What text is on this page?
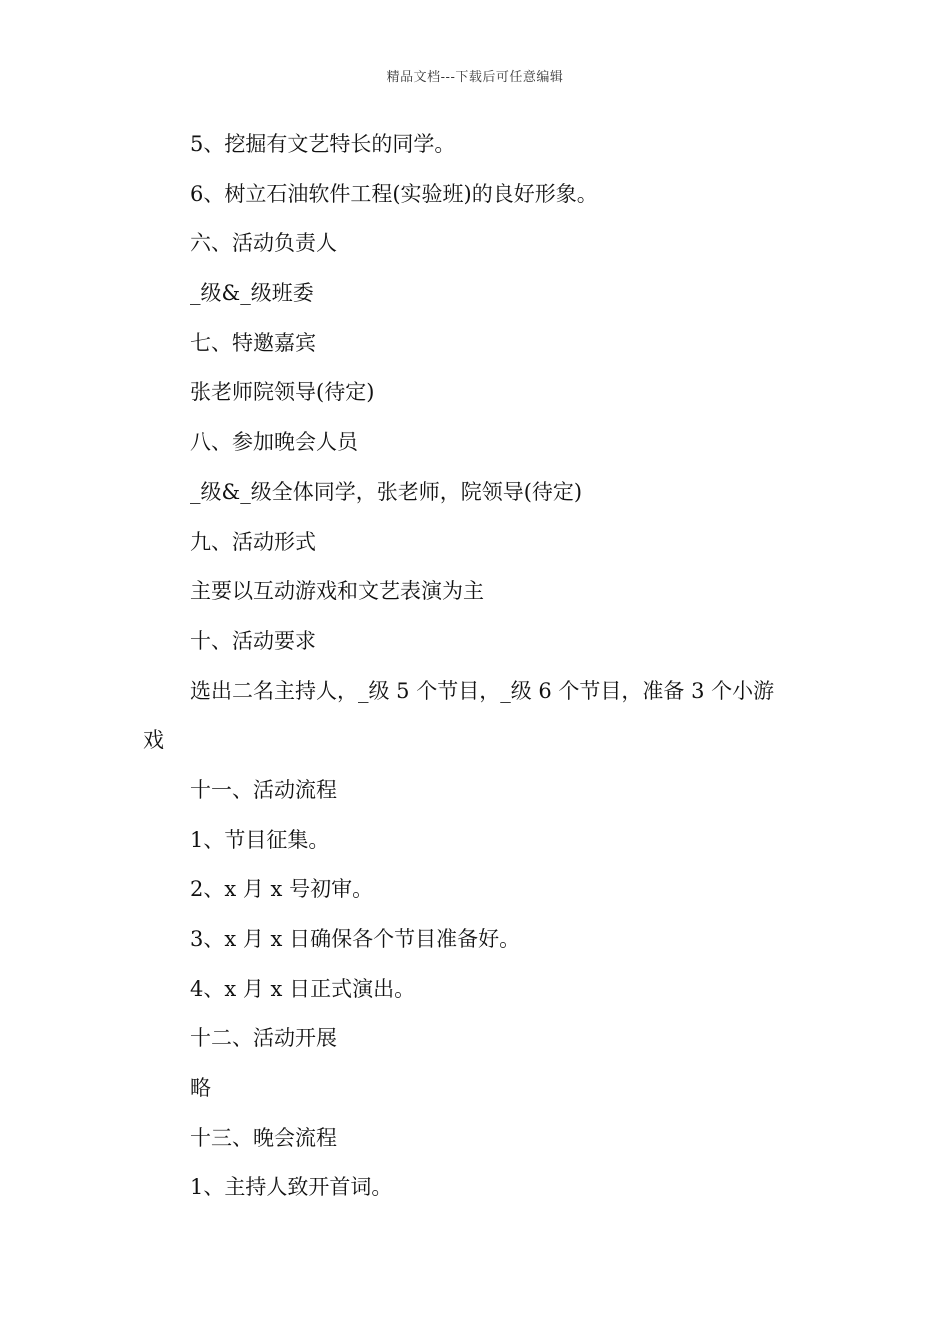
精品文档---下载后可任意编辑
5、挖掘有文艺特长的同学。
6、树立石油软件工程(实验班)的良好形象。
六、活动负责人
_级&_级班委
七、特邀嘉宾
张老师院领导(待定)
八、参加晚会人员
_级&_级全体同学，张老师，院领导(待定)
九、活动形式
主要以互动游戏和文艺表演为主
十、活动要求
选出二名主持人，_级 5 个节目，_级 6 个节目，准备 3 个小游
戏
十一、活动流程
1、节目征集。
2、x 月 x 号初审。
3、x 月 x 日确保各个节目准备好。
4、x 月 x 日正式演出。
十二、活动开展
略
十三、晚会流程
1、主持人致开首词。
